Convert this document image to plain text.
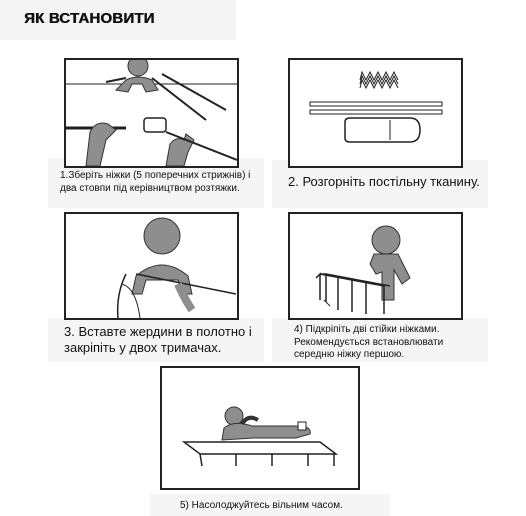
ЯК ВСТАНОВИТИ
1.Зберіть ніжки (5 поперечних стрижнів) і два стовпи під керівництвом розтяжки.	2. Розгорніть постільну тканину.
3. Вставте жердини в полотно і закріпіть у двох тримачах.
4) Підкріпіть дві стійки ніжками. Рекомендується встановлювати середню ніжку першою.
5) Насолоджуйтесь вільним часом.
